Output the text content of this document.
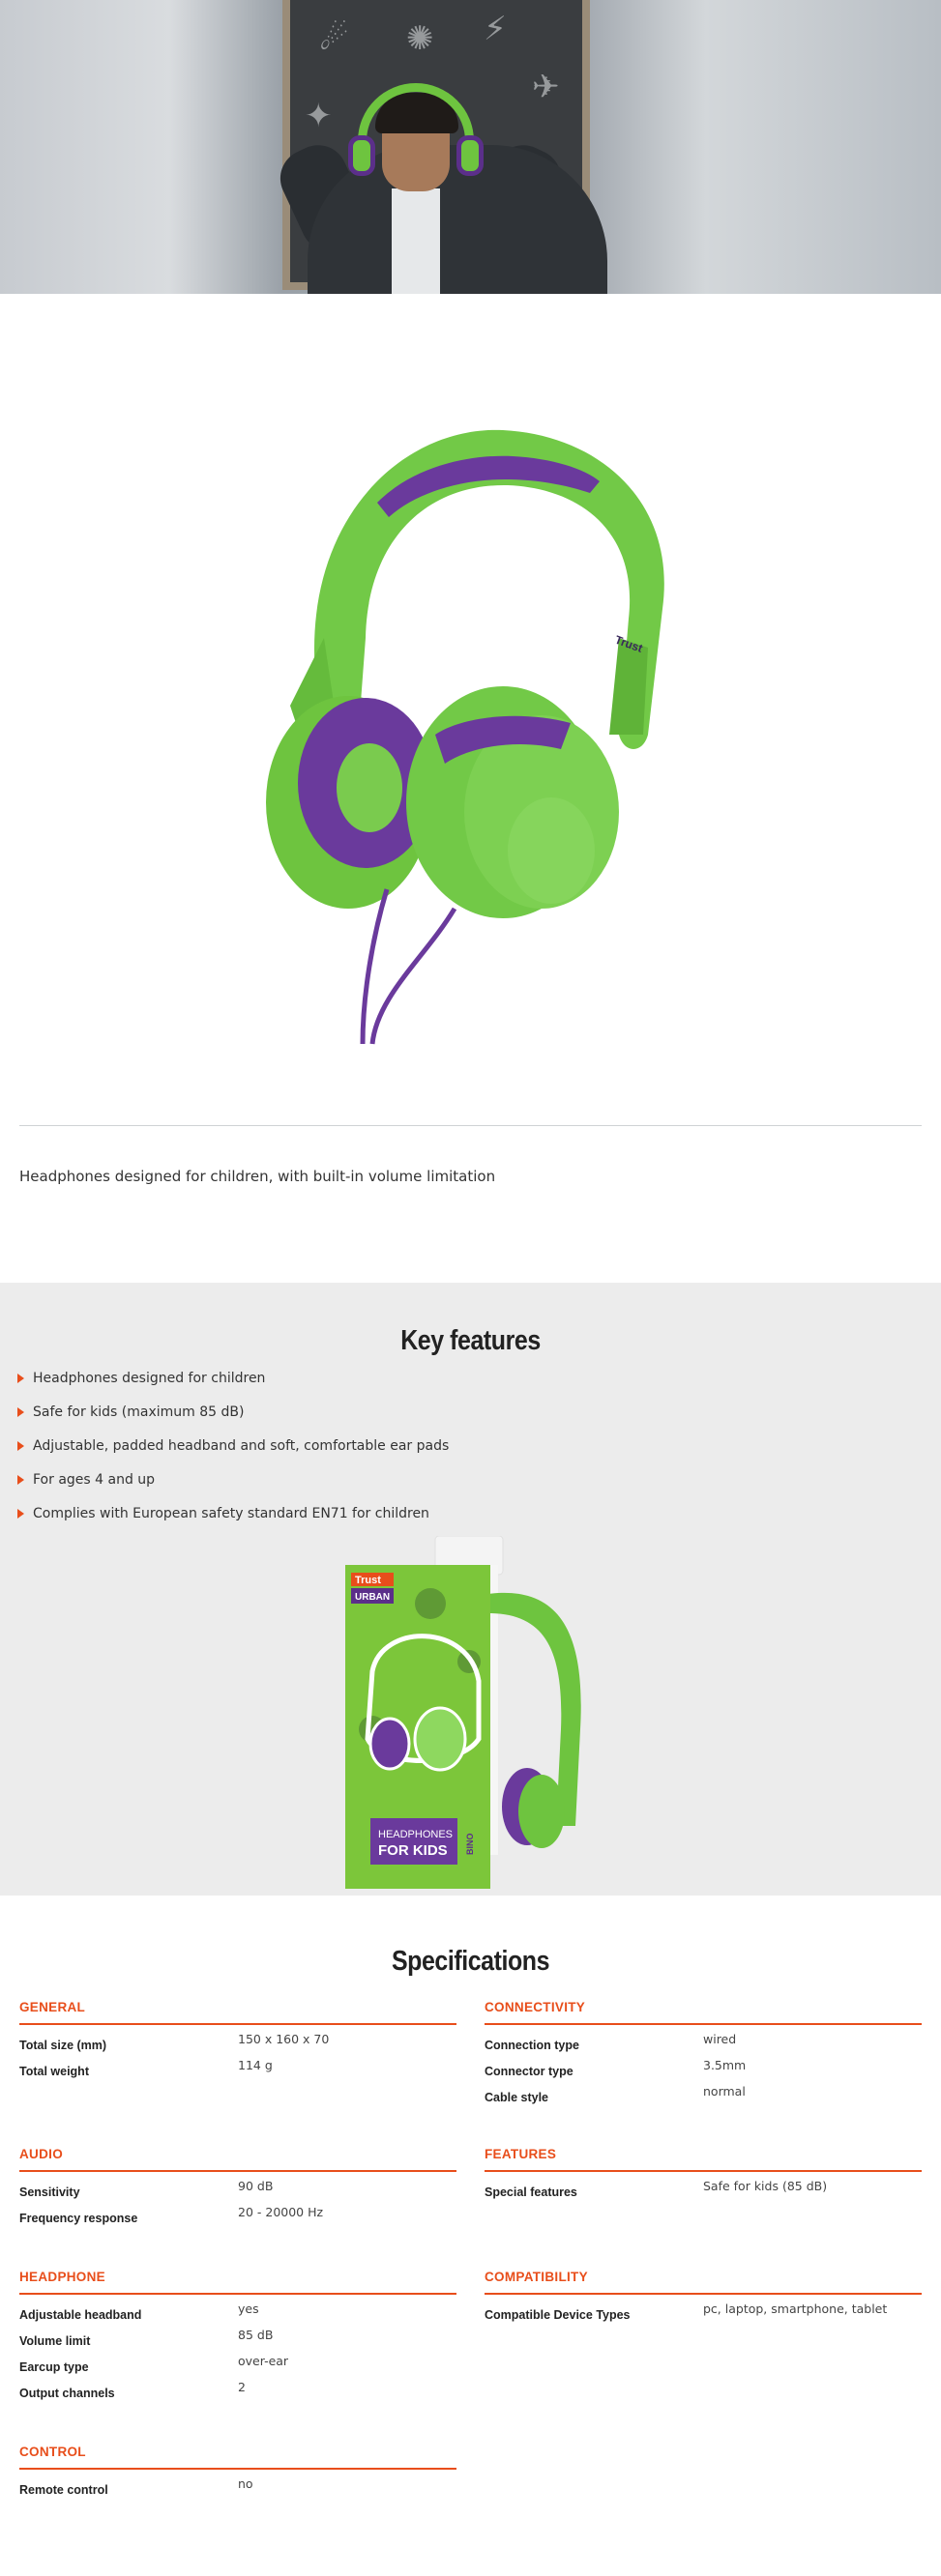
☄	⚡
✈
✦
✺
Trust

Headphones designed for children, with built-in volume limitation

Key features
Headphones designed for children
Safe for kids (maximum 85 dB)
Adjustable, padded headband and soft, comfortable ear pads
For ages 4 and up
Complies with European safety standard EN71 for children
Trust
URBAN
HEADPHONES
FOR KIDS BINO
Specifications
GENERAL
Total size (mm)	150 x 160 x 70
Total weight	114 g
AUDIO
Sensitivity	90 dB
Frequency response	20 - 20000 Hz
HEADPHONE
Adjustable headband	yes
Volume limit	85 dB
Earcup type	over-ear
Output channels	2
CONTROL
Remote control	no
CONNECTIVITY
Connection type	wired
Connector type	3.5mm
Cable style	normal
FEATURES
Special features	Safe for kids (85 dB)
COMPATIBILITY
Compatible Device Types	pc, laptop, smartphone, tablet
